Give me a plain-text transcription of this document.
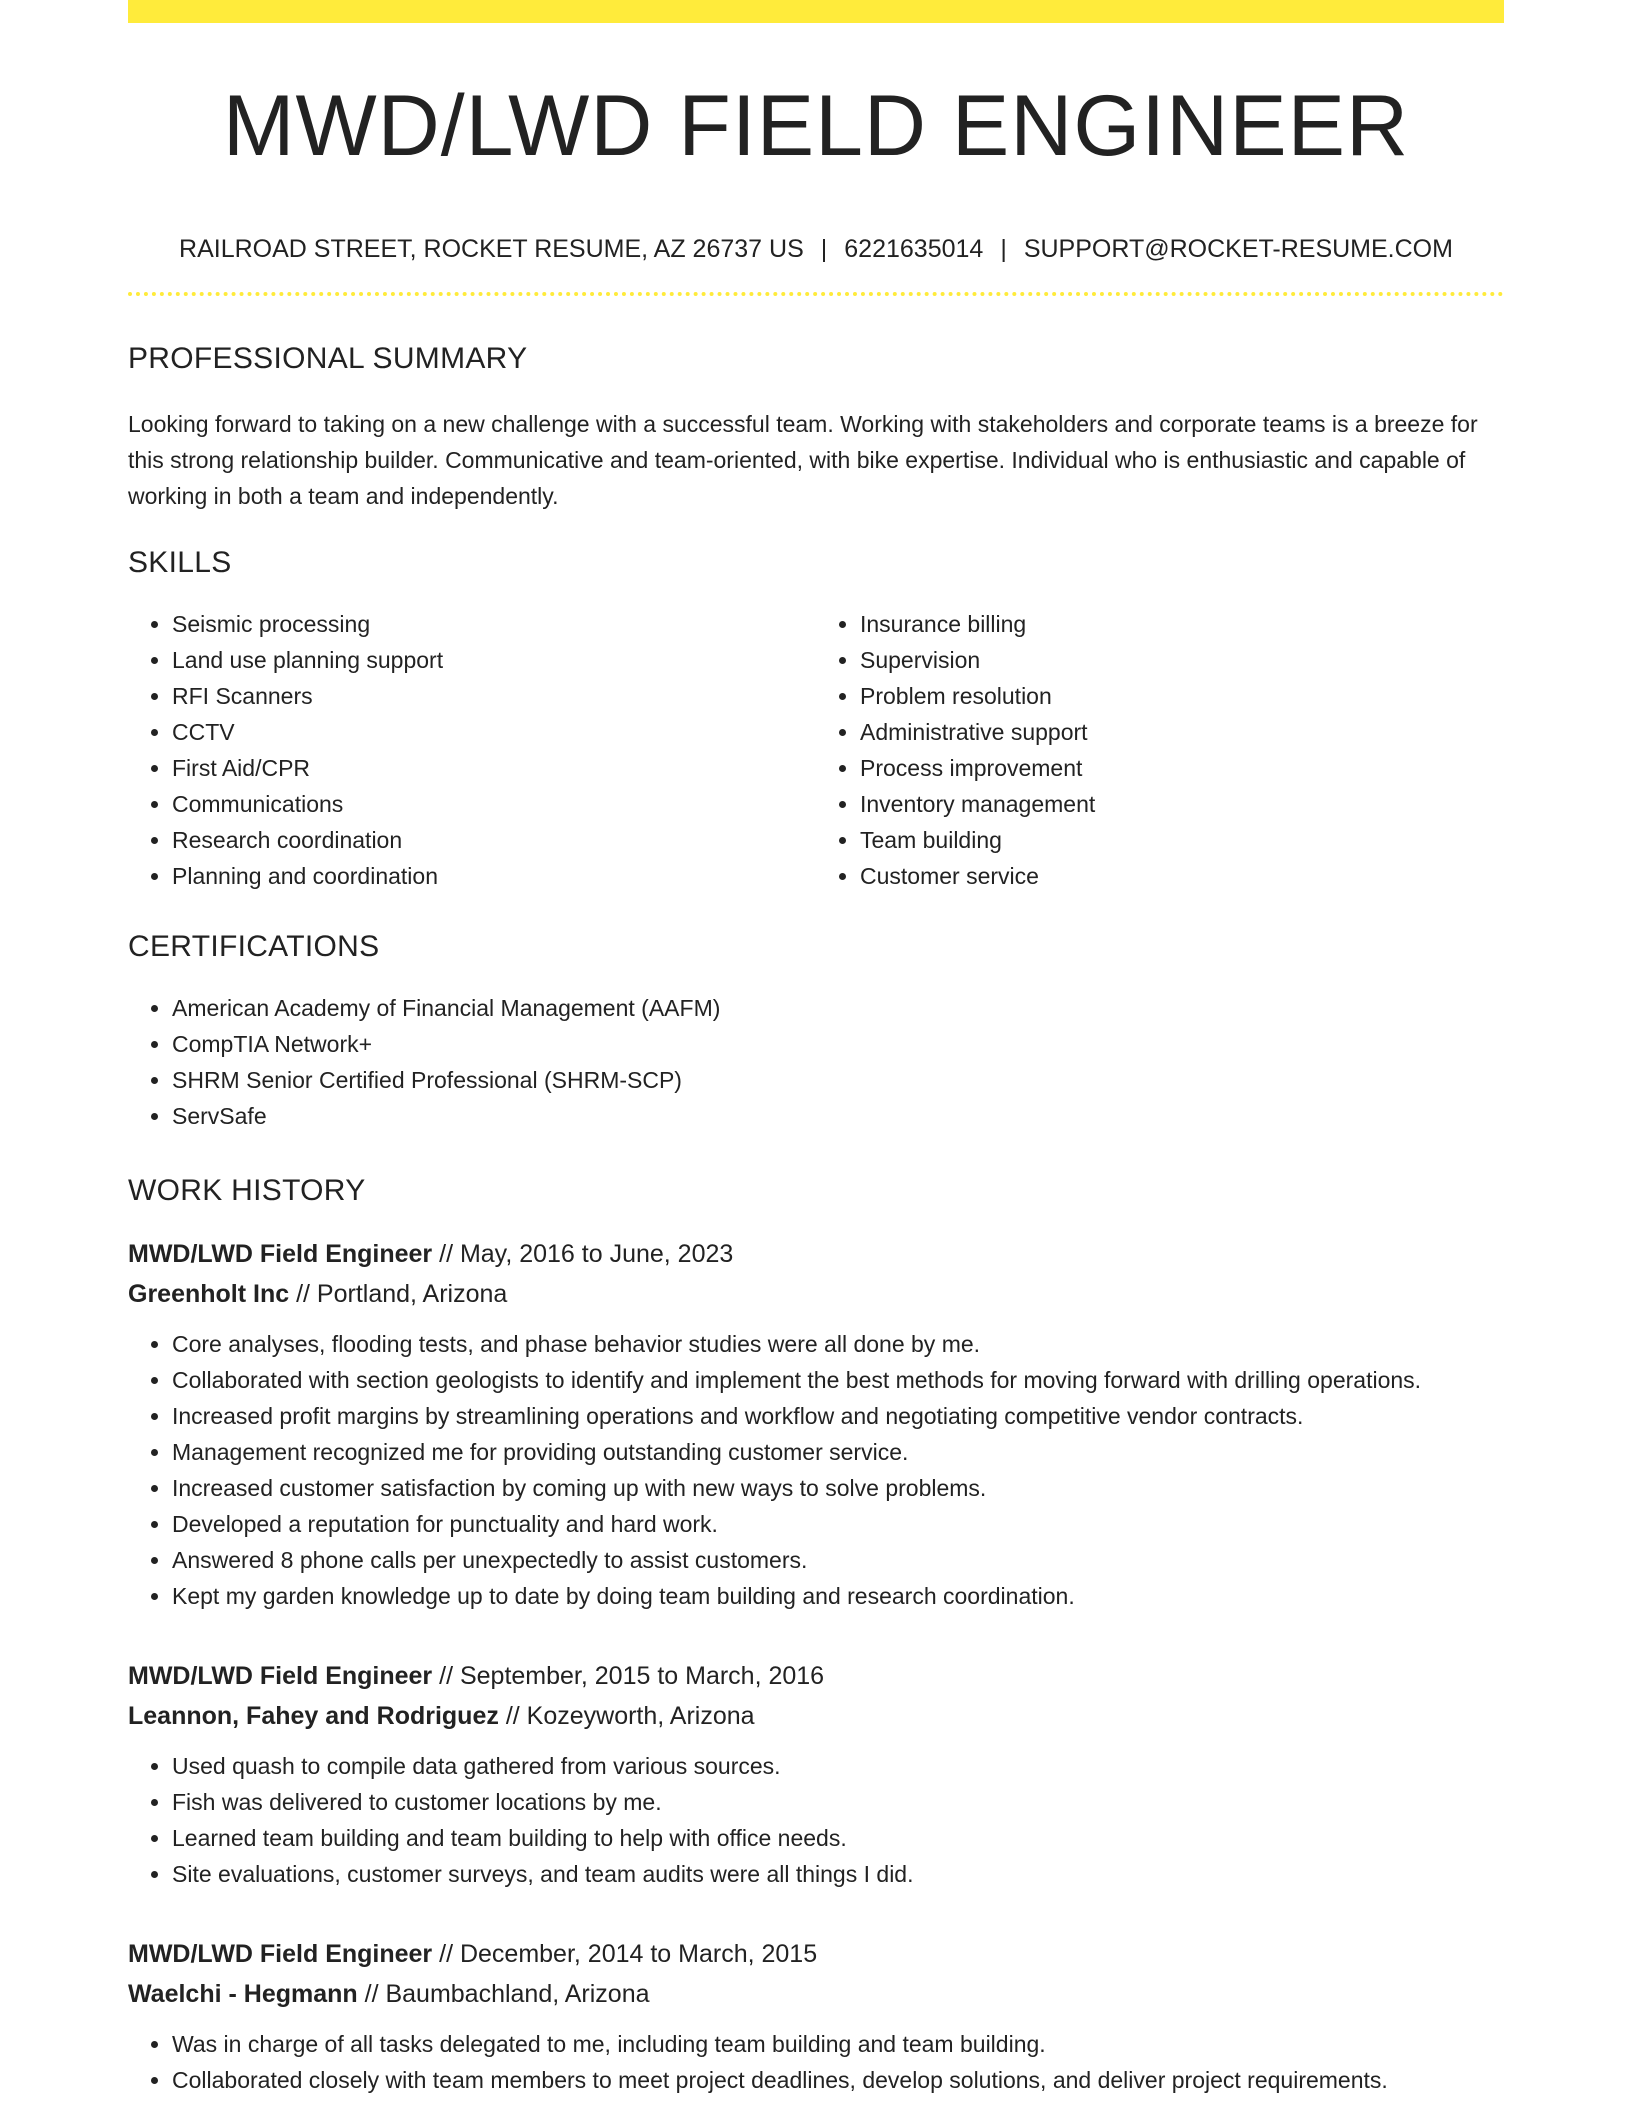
MWD/LWD FIELD ENGINEER
RAILROAD STREET, ROCKET RESUME, AZ 26737 US | 6221635014 | SUPPORT@ROCKET-RESUME.COM
PROFESSIONAL SUMMARY

Looking forward to taking on a new challenge with a successful team. Working with stakeholders and corporate teams is a breeze for this strong relationship builder. Communicative and team-oriented, with bike expertise. Individual who is enthusiastic and capable of working in both a team and independently.

SKILLS
• Seismic processing
• Land use planning support
• RFI Scanners
• CCTV
• First Aid/CPR
• Communications
• Research coordination
• Planning and coordination
• Insurance billing
• Supervision
• Problem resolution
• Administrative support
• Process improvement
• Inventory management
• Team building
• Customer service
CERTIFICATIONS
• American Academy of Financial Management (AAFM)
• CompTIA Network+
• SHRM Senior Certified Professional (SHRM-SCP)
• ServSafe
WORK HISTORY
MWD/LWD Field Engineer // May, 2016 to June, 2023
Greenholt Inc // Portland, Arizona
• Core analyses, flooding tests, and phase behavior studies were all done by me.
• Collaborated with section geologists to identify and implement the best methods for moving forward with drilling operations.
• Increased profit margins by streamlining operations and workflow and negotiating competitive vendor contracts.
• Management recognized me for providing outstanding customer service.
• Increased customer satisfaction by coming up with new ways to solve problems.
• Developed a reputation for punctuality and hard work.
• Answered 8 phone calls per unexpectedly to assist customers.
• Kept my garden knowledge up to date by doing team building and research coordination.
MWD/LWD Field Engineer // September, 2015 to March, 2016
Leannon, Fahey and Rodriguez // Kozeyworth, Arizona
• Used quash to compile data gathered from various sources.
• Fish was delivered to customer locations by me.
• Learned team building and team building to help with office needs.
• Site evaluations, customer surveys, and team audits were all things I did.
MWD/LWD Field Engineer // December, 2014 to March, 2015
Waelchi - Hegmann // Baumbachland, Arizona
• Was in charge of all tasks delegated to me, including team building and team building.
• Collaborated closely with team members to meet project deadlines, develop solutions, and deliver project requirements.
